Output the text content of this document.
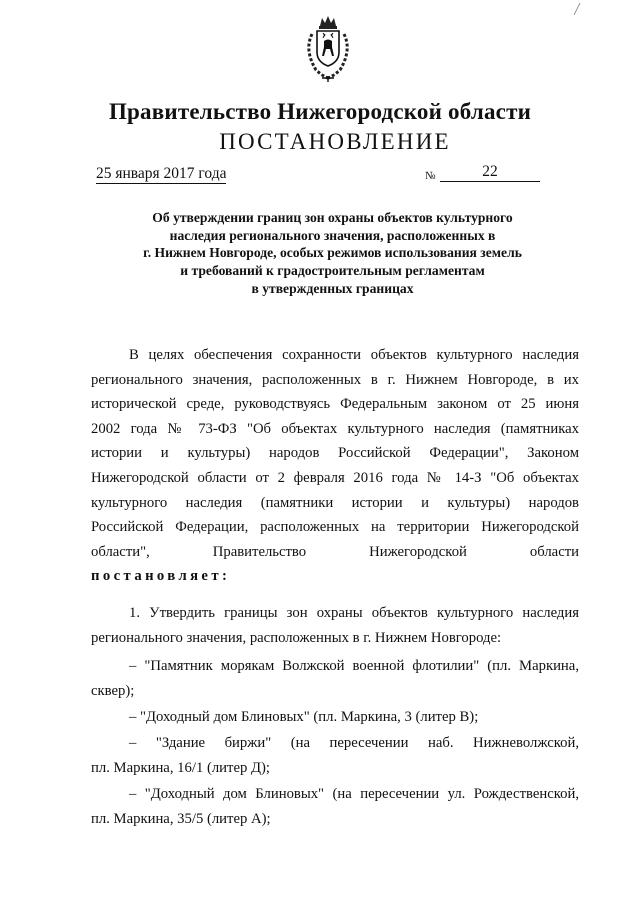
Правительство Нижегородской области
ПОСТАНОВЛЕНИЕ
25 января 2017 года	№	22
Об утверждении границ зон охраны объектов культурного
наследия регионального значения, расположенных в
г. Нижнем Новгороде, особых режимов использования земель
и требований к градостроительным регламентам
в утвержденных границах
В целях обеспечения сохранности объектов культурного наследия
регионального значения, расположенных в г. Нижнем Новгороде, в их
исторической среде, руководствуясь Федеральным законом от 25 июня
2002 года № 73-ФЗ "Об объектах культурного наследия (памятниках
истории и культуры) народов Российской Федерации", Законом
Нижегородской области от 2 февраля 2016 года № 14-З "Об объектах
культурного наследия (памятники истории и культуры) народов
Российской Федерации, расположенных на территории Нижегородской
области", Правительство Нижегородской области
постановляет:
1. Утвердить границы зон охраны объектов культурного наследия
регионального значения, расположенных в г. Нижнем Новгороде:
– "Памятник морякам Волжской военной флотилии" (пл. Маркина,
сквер);
– "Доходный дом Блиновых" (пл. Маркина, 3 (литер В);
– "Здание биржи" (на пересечении наб. Нижневолжской,
пл. Маркина, 16/1 (литер Д);
– "Доходный дом Блиновых" (на пересечении ул. Рождественской,
пл. Маркина, 35/5 (литер А);
